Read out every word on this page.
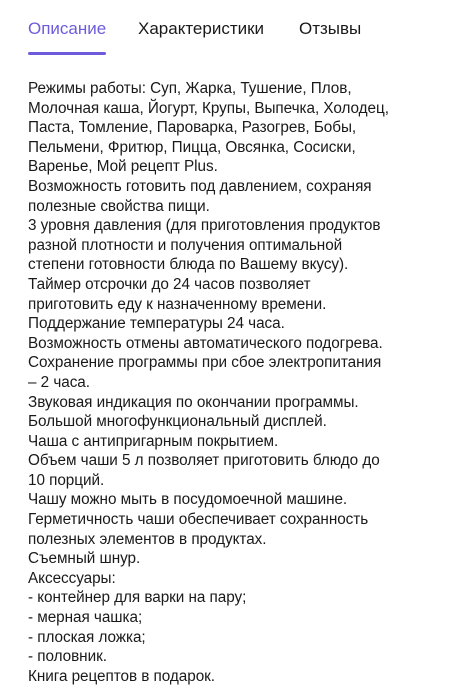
Описание Характеристики Отзывы
Режимы работы: Суп, Жарка, Тушение, Плов,
Молочная каша, Йогурт, Крупы, Выпечка, Холодец,
Паста, Томление, Пароварка, Разогрев, Бобы,
Пельмени, Фритюр, Пицца, Овсянка, Сосиски,
Варенье, Мой рецепт Plus.
Возможность готовить под давлением, сохраняя
полезные свойства пищи.
3 уровня давления (для приготовления продуктов
разной плотности и получения оптимальной
степени готовности блюда по Вашему вкусу).
Таймер отсрочки до 24 часов позволяет
приготовить еду к назначенному времени.
Поддержание температуры 24 часа.
Возможность отмены автоматического подогрева.
Сохранение программы при сбое электропитания
– 2 часа.
Звуковая индикация по окончании программы.
Большой многофункциональный дисплей.
Чаша с антипригарным покрытием.
Объем чаши 5 л позволяет приготовить блюдо до
10 порций.
Чашу можно мыть в посудомоечной машине.
Герметичность чаши обеспечивает сохранность
полезных элементов в продуктах.
Съемный шнур.
Аксессуары:
- контейнер для варки на пару;
- мерная чашка;
- плоская ложка;
- половник.
Книга рецептов в подарок.
